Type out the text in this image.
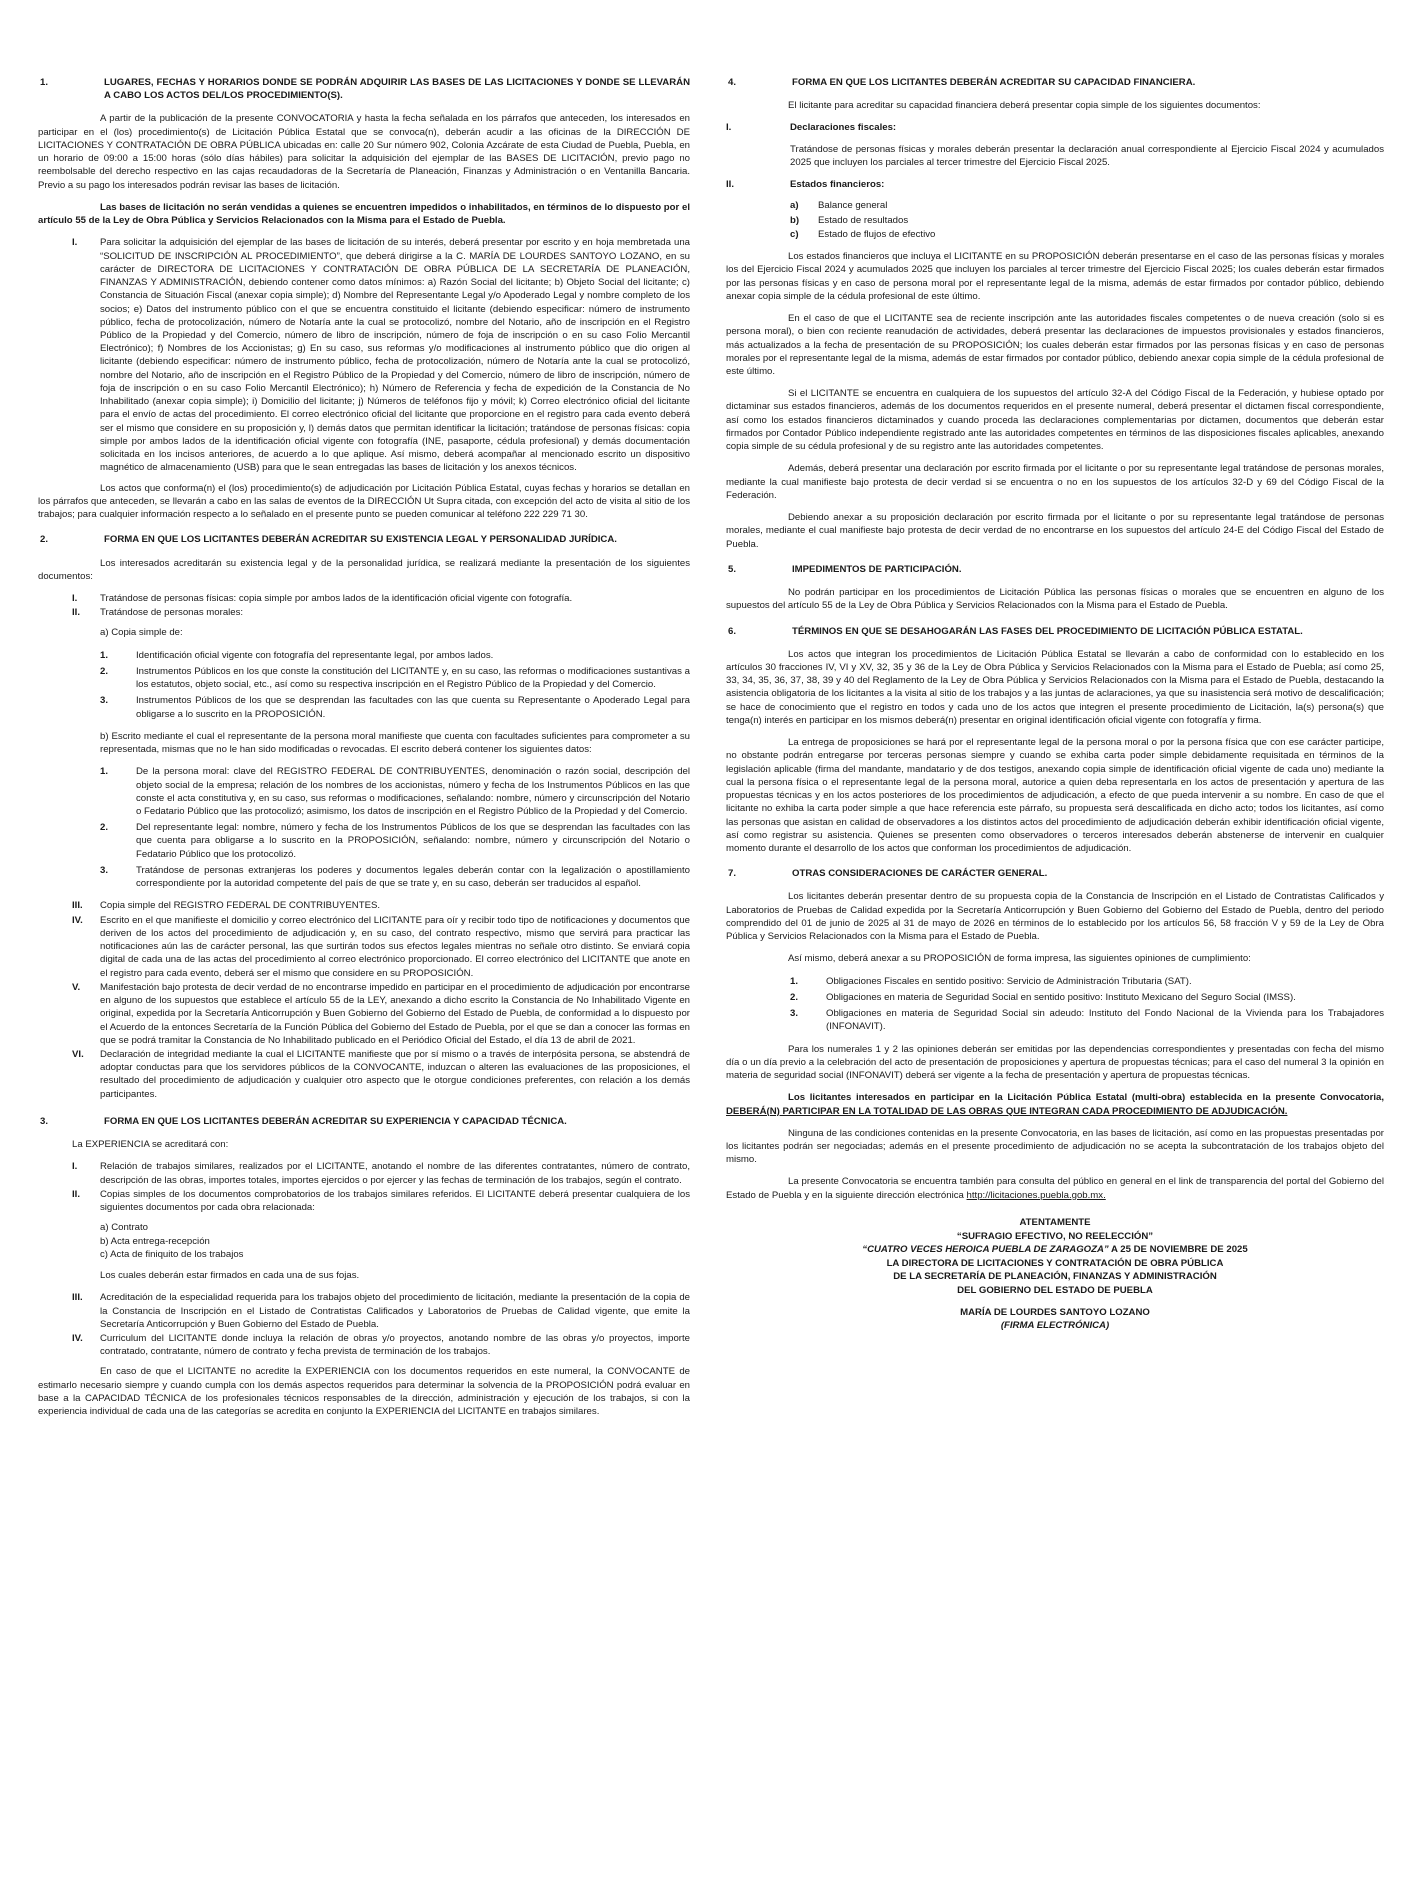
1.	LUGARES, FECHAS Y HORARIOS DONDE SE PODRÁN ADQUIRIR LAS BASES DE LAS LICITACIONES Y DONDE SE LLEVARÁN A CABO LOS ACTOS DEL/LOS PROCEDIMIENTO(S).

A partir de la publicación de la presente CONVOCATORIA y hasta la fecha señalada en los párrafos que anteceden, los interesados en participar en el (los) procedimiento(s) de Licitación Pública Estatal que se convoca(n), deberán acudir a las oficinas de la DIRECCIÓN DE LICITACIONES Y CONTRATACIÓN DE OBRA PÚBLICA ubicadas en: calle 20 Sur número 902, Colonia Azcárate de esta Ciudad de Puebla, Puebla, en un horario de 09:00 a 15:00 horas (sólo días hábiles) para solicitar la adquisición del ejemplar de las BASES DE LICITACIÓN, previo pago no reembolsable del derecho respectivo en las cajas recaudadoras de la Secretaría de Planeación, Finanzas y Administración o en Ventanilla Bancaria. Previo a su pago los interesados podrán revisar las bases de licitación.

Las bases de licitación no serán vendidas a quienes se encuentren impedidos o inhabilitados, en términos de lo dispuesto por el artículo 55 de la Ley de Obra Pública y Servicios Relacionados con la Misma para el Estado de Puebla.

I.	Para solicitar la adquisición del ejemplar de las bases de licitación de su interés, deberá presentar por escrito y en hoja membretada una “SOLICITUD DE INSCRIPCIÓN AL PROCEDIMIENTO”, que deberá dirigirse a la C. MARÍA DE LOURDES SANTOYO LOZANO, en su carácter de DIRECTORA DE LICITACIONES Y CONTRATACIÓN DE OBRA PÚBLICA DE LA SECRETARÍA DE PLANEACIÓN, FINANZAS Y ADMINISTRACIÓN, debiendo contener como datos mínimos: a) Razón Social del licitante; b) Objeto Social del licitante; c) Constancia de Situación Fiscal (anexar copia simple); d) Nombre del Representante Legal y/o Apoderado Legal y nombre completo de los socios; e) Datos del instrumento público con el que se encuentra constituido el licitante (debiendo especificar: número de instrumento público, fecha de protocolización, número de Notaría ante la cual se protocolizó, nombre del Notario, año de inscripción en el Registro Público de la Propiedad y del Comercio, número de libro de inscripción, número de foja de inscripción o en su caso Folio Mercantil Electrónico); f) Nombres de los Accionistas; g) En su caso, sus reformas y/o modificaciones al instrumento público que dio origen al licitante (debiendo especificar: número de instrumento público, fecha de protocolización, número de Notaría ante la cual se protocolizó, nombre del Notario, año de inscripción en el Registro Público de la Propiedad y del Comercio, número de libro de inscripción, número de foja de inscripción o en su caso Folio Mercantil Electrónico); h) Número de Referencia y fecha de expedición de la Constancia de No Inhabilitado (anexar copia simple); i) Domicilio del licitante; j) Números de teléfonos fijo y móvil; k) Correo electrónico oficial del licitante para el envío de actas del procedimiento. El correo electrónico oficial del licitante que proporcione en el registro para cada evento deberá ser el mismo que considere en su proposición y, l) demás datos que permitan identificar la licitación; tratándose de personas físicas: copia simple por ambos lados de la identificación oficial vigente con fotografía (INE, pasaporte, cédula profesional) y demás documentación solicitada en los incisos anteriores, de acuerdo a lo que aplique. Así mismo, deberá acompañar al mencionado escrito un dispositivo magnético de almacenamiento (USB) para que le sean entregadas las bases de licitación y los anexos técnicos.

Los actos que conforma(n) el (los) procedimiento(s) de adjudicación por Licitación Pública Estatal, cuyas fechas y horarios se detallan en los párrafos que anteceden, se llevarán a cabo en las salas de eventos de la DIRECCIÓN Ut Supra citada, con excepción del acto de visita al sitio de los trabajos; para cualquier información respecto a lo señalado en el presente punto se pueden comunicar al teléfono 222 229 71 30.

2.	FORMA EN QUE LOS LICITANTES DEBERÁN ACREDITAR SU EXISTENCIA LEGAL Y PERSONALIDAD JURÍDICA.

Los interesados acreditarán su existencia legal y de la personalidad jurídica, se realizará mediante la presentación de los siguientes documentos:

I.	Tratándose de personas físicas: copia simple por ambos lados de la identificación oficial vigente con fotografía.
II.	Tratándose de personas morales:

a) Copia simple de:

1.	Identificación oficial vigente con fotografía del representante legal, por ambos lados.
2.	Instrumentos Públicos en los que conste la constitución del LICITANTE y, en su caso, las reformas o modificaciones sustantivas a los estatutos, objeto social, etc., así como su respectiva inscripción en el Registro Público de la Propiedad y del Comercio.
3.	Instrumentos Públicos de los que se desprendan las facultades con las que cuenta su Representante o Apoderado Legal para obligarse a lo suscrito en la PROPOSICIÓN.

b) Escrito mediante el cual el representante de la persona moral manifieste que cuenta con facultades suficientes para comprometer a su representada, mismas que no le han sido modificadas o revocadas. El escrito deberá contener los siguientes datos:

1.	De la persona moral: clave del REGISTRO FEDERAL DE CONTRIBUYENTES, denominación o razón social, descripción del objeto social de la empresa; relación de los nombres de los accionistas, número y fecha de los Instrumentos Públicos en las que conste el acta constitutiva y, en su caso, sus reformas o modificaciones, señalando: nombre, número y circunscripción del Notario o Fedatario Público que las protocolizó; asimismo, los datos de inscripción en el Registro Público de la Propiedad y del Comercio.
2.	Del representante legal: nombre, número y fecha de los Instrumentos Públicos de los que se desprendan las facultades con las que cuenta para obligarse a lo suscrito en la PROPOSICIÓN, señalando: nombre, número y circunscripción del Notario o Fedatario Público que los protocolizó.
3.	Tratándose de personas extranjeras los poderes y documentos legales deberán contar con la legalización o apostillamiento correspondiente por la autoridad competente del país de que se trate y, en su caso, deberán ser traducidos al español.
III.	Copia simple del REGISTRO FEDERAL DE CONTRIBUYENTES.
IV.	Escrito en el que manifieste el domicilio y correo electrónico del LICITANTE para oír y recibir todo tipo de notificaciones y documentos que deriven de los actos del procedimiento de adjudicación y, en su caso, del contrato respectivo, mismo que servirá para practicar las notificaciones aún las de carácter personal, las que surtirán todos sus efectos legales mientras no señale otro distinto. Se enviará copia digital de cada una de las actas del procedimiento al correo electrónico proporcionado. El correo electrónico del LICITANTE que anote en el registro para cada evento, deberá ser el mismo que considere en su PROPOSICIÓN.
V.	Manifestación bajo protesta de decir verdad de no encontrarse impedido en participar en el procedimiento de adjudicación por encontrarse en alguno de los supuestos que establece el artículo 55 de la LEY, anexando a dicho escrito la Constancia de No Inhabilitado Vigente en original, expedida por la Secretaría Anticorrupción y Buen Gobierno del Gobierno del Estado de Puebla, de conformidad a lo dispuesto por el Acuerdo de la entonces Secretaría de la Función Pública del Gobierno del Estado de Puebla, por el que se dan a conocer las formas en que se podrá tramitar la Constancia de No Inhabilitado publicado en el Periódico Oficial del Estado, el día 13 de abril de 2021.
VI.	Declaración de integridad mediante la cual el LICITANTE manifieste que por sí mismo o a través de interpósita persona, se abstendrá de adoptar conductas para que los servidores públicos de la CONVOCANTE, induzcan o alteren las evaluaciones de las proposiciones, el resultado del procedimiento de adjudicación y cualquier otro aspecto que le otorgue condiciones preferentes, con relación a los demás participantes.
3.	FORMA EN QUE LOS LICITANTES DEBERÁN ACREDITAR SU EXPERIENCIA Y CAPACIDAD TÉCNICA.

La EXPERIENCIA se acreditará con:

I.	Relación de trabajos similares, realizados por el LICITANTE, anotando el nombre de las diferentes contratantes, número de contrato, descripción de las obras, importes totales, importes ejercidos o por ejercer y las fechas de terminación de los trabajos, según el contrato.
II.	Copias simples de los documentos comprobatorios de los trabajos similares referidos. El LICITANTE deberá presentar cualquiera de los siguientes documentos por cada obra relacionada:
a) Contrato
b) Acta entrega-recepción
c) Acta de finiquito de los trabajos

Los cuales deberán estar firmados en cada una de sus fojas.

III.	Acreditación de la especialidad requerida para los trabajos objeto del procedimiento de licitación, mediante la presentación de la copia de la Constancia de Inscripción en el Listado de Contratistas Calificados y Laboratorios de Pruebas de Calidad vigente, que emite la Secretaría Anticorrupción y Buen Gobierno del Estado de Puebla.
IV.	Curriculum del LICITANTE donde incluya la relación de obras y/o proyectos, anotando nombre de las obras y/o proyectos, importe contratado, contratante, número de contrato y fecha prevista de terminación de los trabajos.

En caso de que el LICITANTE no acredite la EXPERIENCIA con los documentos requeridos en este numeral, la CONVOCANTE de estimarlo necesario siempre y cuando cumpla con los demás aspectos requeridos para determinar la solvencia de la PROPOSICIÓN podrá evaluar en base a la CAPACIDAD TÉCNICA de los profesionales técnicos responsables de la dirección, administración y ejecución de los trabajos, si con la experiencia individual de cada una de las categorías se acredita en conjunto la EXPERIENCIA del LICITANTE en trabajos similares.

4.	FORMA EN QUE LOS LICITANTES DEBERÁN ACREDITAR SU CAPACIDAD FINANCIERA.

El licitante para acreditar su capacidad financiera deberá presentar copia simple de los siguientes documentos:

I.	Declaraciones fiscales:

Tratándose de personas físicas y morales deberán presentar la declaración anual correspondiente al Ejercicio Fiscal 2024 y acumulados 2025 que incluyen los parciales al tercer trimestre del Ejercicio Fiscal 2025.

II.	Estados financieros:
a)	Balance general
b)	Estado de resultados
c)	Estado de flujos de efectivo

Los estados financieros que incluya el LICITANTE en su PROPOSICIÓN deberán presentarse en el caso de las personas físicas y morales los del Ejercicio Fiscal 2024 y acumulados 2025 que incluyen los parciales al tercer trimestre del Ejercicio Fiscal 2025; los cuales deberán estar firmados por las personas físicas y en caso de persona moral por el representante legal de la misma, además de estar firmados por contador público, debiendo anexar copia simple de la cédula profesional de este último.

En el caso de que el LICITANTE sea de reciente inscripción ante las autoridades fiscales competentes o de nueva creación (solo si es persona moral), o bien con reciente reanudación de actividades, deberá presentar las declaraciones de impuestos provisionales y estados financieros, más actualizados a la fecha de presentación de su PROPOSICIÓN; los cuales deberán estar firmados por las personas físicas y en caso de personas morales por el representante legal de la misma, además de estar firmados por contador público, debiendo anexar copia simple de la cédula profesional de este último.

Si el LICITANTE se encuentra en cualquiera de los supuestos del artículo 32-A del Código Fiscal de la Federación, y hubiese optado por dictaminar sus estados financieros, además de los documentos requeridos en el presente numeral, deberá presentar el dictamen fiscal correspondiente, así como los estados financieros dictaminados y cuando proceda las declaraciones complementarias por dictamen, documentos que deberán estar firmados por Contador Público independiente registrado ante las autoridades competentes en términos de las disposiciones fiscales aplicables, anexando copia simple de su cédula profesional y de su registro ante las autoridades competentes.

Además, deberá presentar una declaración por escrito firmada por el licitante o por su representante legal tratándose de personas morales, mediante la cual manifieste bajo protesta de decir verdad si se encuentra o no en los supuestos de los artículos 32-D y 69 del Código Fiscal de la Federación.

Debiendo anexar a su proposición declaración por escrito firmada por el licitante o por su representante legal tratándose de personas morales, mediante el cual manifieste bajo protesta de decir verdad de no encontrarse en los supuestos del artículo 24-E del Código Fiscal del Estado de Puebla.

5.	IMPEDIMENTOS DE PARTICIPACIÓN.

No podrán participar en los procedimientos de Licitación Pública las personas físicas o morales que se encuentren en alguno de los supuestos del artículo 55 de la Ley de Obra Pública y Servicios Relacionados con la Misma para el Estado de Puebla.

6.	TÉRMINOS EN QUE SE DESAHOGARÁN LAS FASES DEL PROCEDIMIENTO DE LICITACIÓN PÚBLICA ESTATAL.

Los actos que integran los procedimientos de Licitación Pública Estatal se llevarán a cabo de conformidad con lo establecido en los artículos 30 fracciones IV, VI y XV, 32, 35 y 36 de la Ley de Obra Pública y Servicios Relacionados con la Misma para el Estado de Puebla; así como 25, 33, 34, 35, 36, 37, 38, 39 y 40 del Reglamento de la Ley de Obra Pública y Servicios Relacionados con la Misma para el Estado de Puebla, destacando la asistencia obligatoria de los licitantes a la visita al sitio de los trabajos y a las juntas de aclaraciones, ya que su inasistencia será motivo de descalificación; se hace de conocimiento que el registro en todos y cada uno de los actos que integren el presente procedimiento de Licitación, la(s) persona(s) que tenga(n) interés en participar en los mismos deberá(n) presentar en original identificación oficial vigente con fotografía y firma.

La entrega de proposiciones se hará por el representante legal de la persona moral o por la persona física que con ese carácter participe, no obstante podrán entregarse por terceras personas siempre y cuando se exhiba carta poder simple debidamente requisitada en términos de la legislación aplicable (firma del mandante, mandatario y de dos testigos, anexando copia simple de identificación oficial vigente de cada uno) mediante la cual la persona física o el representante legal de la persona moral, autorice a quien deba representarla en los actos de presentación y apertura de las propuestas técnicas y en los actos posteriores de los procedimientos de adjudicación, a efecto de que pueda intervenir a su nombre. En caso de que el licitante no exhiba la carta poder simple a que hace referencia este párrafo, su propuesta será descalificada en dicho acto; todos los licitantes, así como las personas que asistan en calidad de observadores a los distintos actos del procedimiento de adjudicación deberán exhibir identificación oficial vigente, así como registrar su asistencia. Quienes se presenten como observadores o terceros interesados deberán abstenerse de intervenir en cualquier momento durante el desarrollo de los actos que conforman los procedimientos de adjudicación.

7.	OTRAS CONSIDERACIONES DE CARÁCTER GENERAL.

Los licitantes deberán presentar dentro de su propuesta copia de la Constancia de Inscripción en el Listado de Contratistas Calificados y Laboratorios de Pruebas de Calidad expedida por la Secretaría Anticorrupción y Buen Gobierno del Gobierno del Estado de Puebla, dentro del periodo comprendido del 01 de junio de 2025 al 31 de mayo de 2026 en términos de lo establecido por los artículos 56, 58 fracción V y 59 de la Ley de Obra Pública y Servicios Relacionados con la Misma para el Estado de Puebla.

Así mismo, deberá anexar a su PROPOSICIÓN de forma impresa, las siguientes opiniones de cumplimiento:

1.	Obligaciones Fiscales en sentido positivo: Servicio de Administración Tributaria (SAT).
2.	Obligaciones en materia de Seguridad Social en sentido positivo: Instituto Mexicano del Seguro Social (IMSS).
3.	Obligaciones en materia de Seguridad Social sin adeudo: Instituto del Fondo Nacional de la Vivienda para los Trabajadores (INFONAVIT).

Para los numerales 1 y 2 las opiniones deberán ser emitidas por las dependencias correspondientes y presentadas con fecha del mismo día o un día previo a la celebración del acto de presentación de proposiciones y apertura de propuestas técnicas; para el caso del numeral 3 la opinión en materia de seguridad social (INFONAVIT) deberá ser vigente a la fecha de presentación y apertura de propuestas técnicas.

Los licitantes interesados en participar en la Licitación Pública Estatal (multi-obra) establecida en la presente Convocatoria, DEBERÁ(N) PARTICIPAR EN LA TOTALIDAD DE LAS OBRAS QUE INTEGRAN CADA PROCEDIMIENTO DE ADJUDICACIÓN.

Ninguna de las condiciones contenidas en la presente Convocatoria, en las bases de licitación, así como en las propuestas presentadas por los licitantes podrán ser negociadas; además en el presente procedimiento de adjudicación no se acepta la subcontratación de los trabajos objeto del mismo.

La presente Convocatoria se encuentra también para consulta del público en general en el link de transparencia del portal del Gobierno del Estado de Puebla y en la siguiente dirección electrónica http://licitaciones.puebla.gob.mx.

ATENTAMENTE
“SUFRAGIO EFECTIVO, NO REELECCIÓN”
“CUATRO VECES HEROICA PUEBLA DE ZARAGOZA” A 25 DE NOVIEMBRE DE 2025
LA DIRECTORA DE LICITACIONES Y CONTRATACIÓN DE OBRA PÚBLICA
DE LA SECRETARÍA DE PLANEACIÓN, FINANZAS Y ADMINISTRACIÓN
DEL GOBIERNO DEL ESTADO DE PUEBLA
MARÍA DE LOURDES SANTOYO LOZANO
(FIRMA ELECTRÓNICA)
